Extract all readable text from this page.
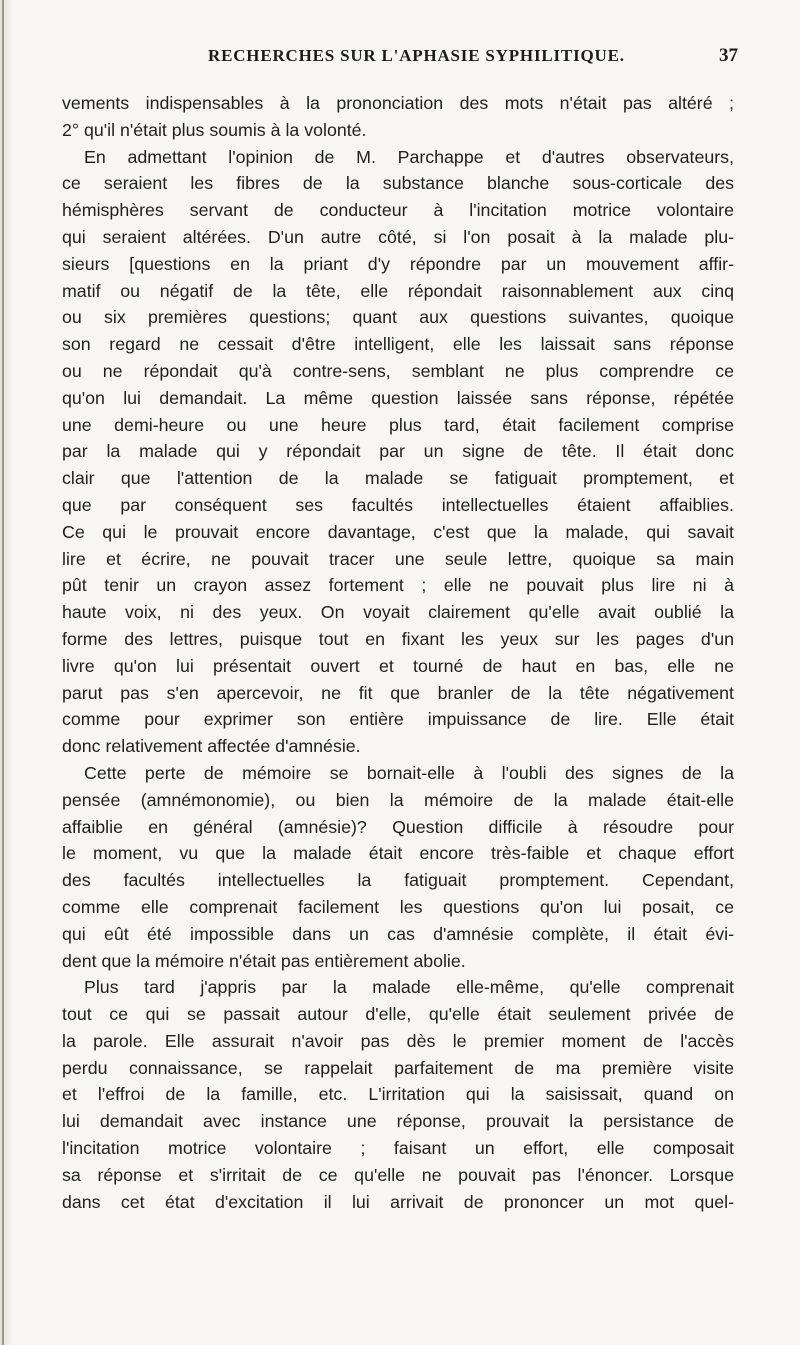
RECHERCHES SUR L'APHASIE SYPHILITIQUE.	37

vements indispensables à la prononciation des mots n'était pas altéré ;
2° qu'il n'était plus soumis à la volonté.

En admettant l'opinion de M. Parchappe et d'autres observateurs,
ce seraient les fibres de la substance blanche sous-corticale des
hémisphères servant de conducteur à l'incitation motrice volontaire
qui seraient altérées. D'un autre côté, si l'on posait à la malade plu-
sieurs [questions en la priant d'y répondre par un mouvement affir-
matif ou négatif de la tête, elle répondait raisonnablement aux cinq
ou six premières questions; quant aux questions suivantes, quoique
son regard ne cessait d'être intelligent, elle les laissait sans réponse
ou ne répondait qu'à contre-sens, semblant ne plus comprendre ce
qu'on lui demandait. La même question laissée sans réponse, répétée
une demi-heure ou une heure plus tard, était facilement comprise
par la malade qui y répondait par un signe de tête. Il était donc
clair que l'attention de la malade se fatiguait promptement, et
que par conséquent ses facultés intellectuelles étaient affaiblies.
Ce qui le prouvait encore davantage, c'est que la malade, qui savait
lire et écrire, ne pouvait tracer une seule lettre, quoique sa main
pût tenir un crayon assez fortement ; elle ne pouvait plus lire ni à
haute voix, ni des yeux. On voyait clairement qu'elle avait oublié la
forme des lettres, puisque tout en fixant les yeux sur les pages d'un
livre qu'on lui présentait ouvert et tourné de haut en bas, elle ne
parut pas s'en apercevoir, ne fit que branler de la tête négativement
comme pour exprimer son entière impuissance de lire. Elle était
donc relativement affectée d'amnésie.

Cette perte de mémoire se bornait-elle à l'oubli des signes de la
pensée (amnémonomie), ou bien la mémoire de la malade était-elle
affaiblie en général (amnésie)? Question difficile à résoudre pour
le moment, vu que la malade était encore très-faible et chaque effort
des facultés intellectuelles la fatiguait promptement. Cependant,
comme elle comprenait facilement les questions qu'on lui posait, ce
qui eût été impossible dans un cas d'amnésie complète, il était évi-
dent que la mémoire n'était pas entièrement abolie.

Plus tard j'appris par la malade elle-même, qu'elle comprenait
tout ce qui se passait autour d'elle, qu'elle était seulement privée de
la parole. Elle assurait n'avoir pas dès le premier moment de l'accès
perdu connaissance, se rappelait parfaitement de ma première visite
et l'effroi de la famille, etc. L'irritation qui la saisissait, quand on
lui demandait avec instance une réponse, prouvait la persistance de
l'incitation motrice volontaire ; faisant un effort, elle composait
sa réponse et s'irritait de ce qu'elle ne pouvait pas l'énoncer. Lorsque
dans cet état d'excitation il lui arrivait de prononcer un mot quel-
